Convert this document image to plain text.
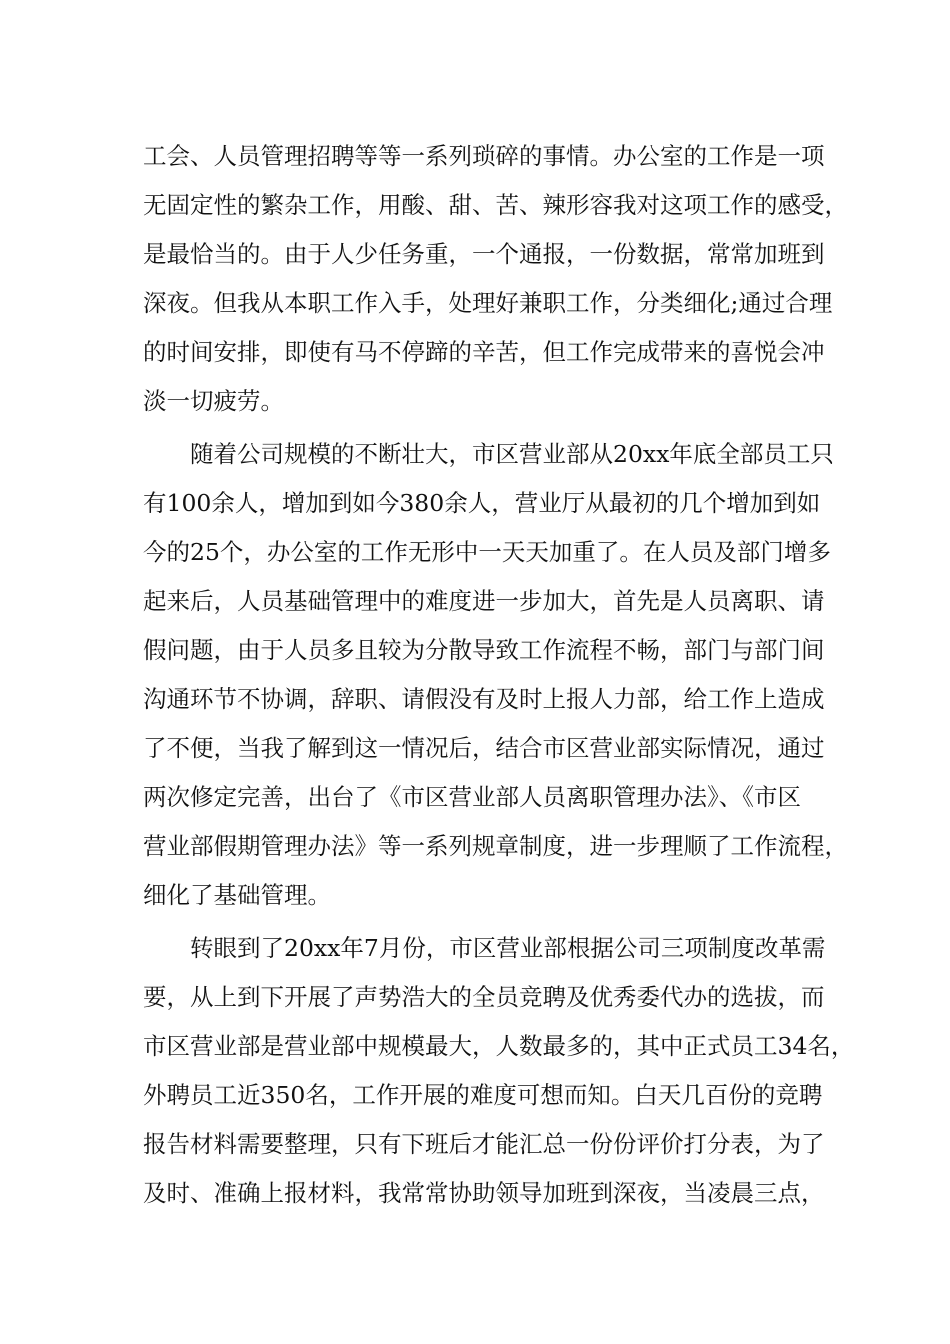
工会、人员管理招聘等等一系列琐碎的事情。办公室的工作是一项
无固定性的繁杂工作，用酸、甜、苦、辣形容我对这项工作的感受，
是最恰当的。由于人少任务重，一个通报，一份数据，常常加班到
深夜。但我从本职工作入手，处理好兼职工作，分类细化;通过合理
的时间安排，即使有马不停蹄的辛苦，但工作完成带来的喜悦会冲
淡一切疲劳。
　　随着公司规模的不断壮大，市区营业部从20xx年底全部员工只
有100余人，增加到如今380余人，营业厅从最初的几个增加到如
今的25个，办公室的工作无形中一天天加重了。在人员及部门增多
起来后，人员基础管理中的难度进一步加大，首先是人员离职、请
假问题，由于人员多且较为分散导致工作流程不畅，部门与部门间
沟通环节不协调，辞职、请假没有及时上报人力部，给工作上造成
了不便，当我了解到这一情况后，结合市区营业部实际情况，通过
两次修定完善，出台了《市区营业部人员离职管理办法》、《市区
营业部假期管理办法》等一系列规章制度，进一步理顺了工作流程，
细化了基础管理。
　　转眼到了20xx年7月份，市区营业部根据公司三项制度改革需
要，从上到下开展了声势浩大的全员竞聘及优秀委代办的选拔，而
市区营业部是营业部中规模最大，人数最多的，其中正式员工34名，
外聘员工近350名，工作开展的难度可想而知。白天几百份的竞聘
报告材料需要整理，只有下班后才能汇总一份份评价打分表，为了
及时、准确上报材料，我常常协助领导加班到深夜，当凌晨三点，
